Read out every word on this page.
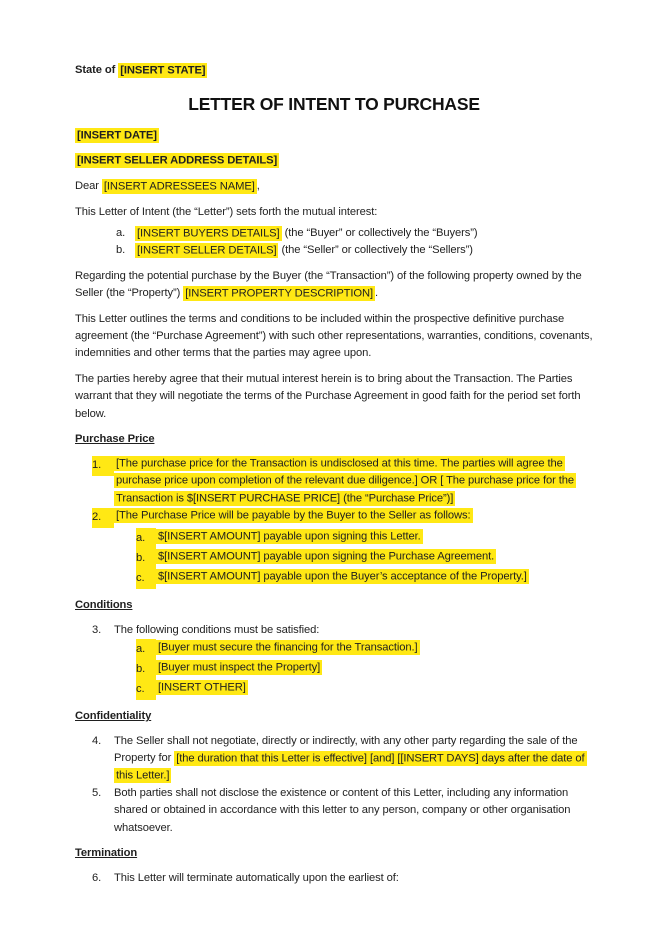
State of [INSERT STATE]
LETTER OF INTENT TO PURCHASE
[INSERT DATE]
[INSERT SELLER ADDRESS DETAILS]
Dear [INSERT ADRESSEES NAME] ,
This Letter of Intent (the “Letter”) sets forth the mutual interest:
a.	[INSERT BUYERS DETAILS] (the “Buyer” or collectively the “Buyers”)
b.	[INSERT SELLER DETAILS] (the “Seller” or collectively the “Sellers”)
Regarding the potential purchase by the Buyer (the “Transaction”) of the following property owned by the Seller (the “Property”) [INSERT PROPERTY DESCRIPTION] .
This Letter outlines the terms and conditions to be included within the prospective definitive purchase agreement (the “Purchase Agreement”) with such other representations, warranties, conditions, covenants, indemnities and other terms that the parties may agree upon.
The parties hereby agree that their mutual interest herein is to bring about the Transaction. The Parties warrant that they will negotiate the terms of the Purchase Agreement in good faith for the period set forth below.
Purchase Price
1.	[The purchase price for the Transaction is undisclosed at this time. The parties will agree the purchase price upon completion of the relevant due diligence.] OR [ The purchase price for the Transaction is $[INSERT PURCHASE PRICE] (the “Purchase Price”)]
2.	[The Purchase Price will be payable by the Buyer to the Seller as follows:
a.	$[INSERT AMOUNT] payable upon signing this Letter.
b.	$[INSERT AMOUNT] payable upon signing the Purchase Agreement.
c.	$[INSERT AMOUNT] payable upon the Buyer’s acceptance of the Property.]
Conditions
3.	The following conditions must be satisfied:
a.	[Buyer must secure the financing for the Transaction.]
b.	[Buyer must inspect the Property]
c.	[INSERT OTHER]
Confidentiality
4.	The Seller shall not negotiate, directly or indirectly, with any other party regarding the sale of the Property for [the duration that this Letter is effective] [and] [[INSERT DAYS] days after the date of this Letter.]
5.	Both parties shall not disclose the existence or content of this Letter, including any information shared or obtained in accordance with this letter to any person, company or other organisation whatsoever.
Termination
6.	This Letter will terminate automatically upon the earliest of:
